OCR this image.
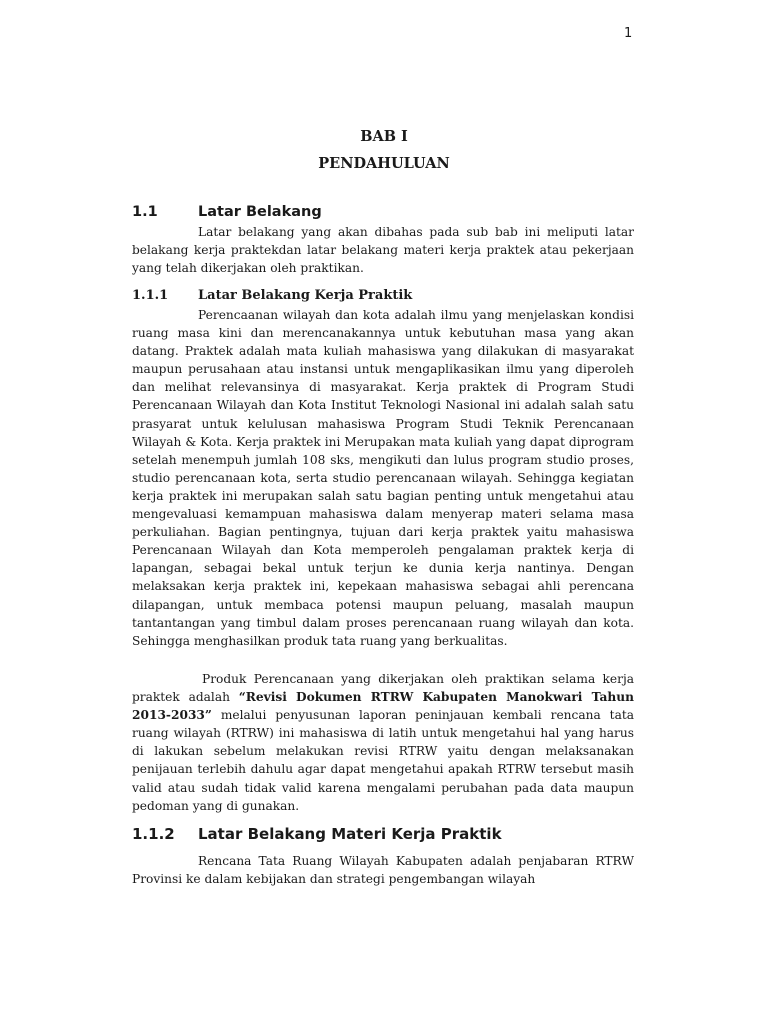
1
BAB I
PENDAHULUAN
1.1	Latar Belakang

Latar belakang yang akan dibahas pada sub bab ini meliputi latar belakang kerja praktekdan latar belakang materi kerja praktek atau pekerjaan yang telah dikerjakan oleh praktikan.

1.1.1 Latar Belakang Kerja Praktik

Perencaanan wilayah dan kota adalah ilmu yang menjelaskan kondisi ruang masa kini dan merencanakannya untuk kebutuhan masa yang akan datang. Praktek adalah mata kuliah mahasiswa yang dilakukan di masyarakat maupun perusahaan atau instansi untuk mengaplikasikan ilmu yang diperoleh dan melihat relevansinya di masyarakat. Kerja praktek di Program Studi Perencanaan Wilayah dan Kota Institut Teknologi Nasional ini adalah salah satu prasyarat untuk kelulusan mahasiswa Program Studi Teknik Perencanaan Wilayah & Kota. Kerja praktek ini Merupakan mata kuliah yang dapat diprogram setelah menempuh jumlah 108 sks, mengikuti dan lulus program studio proses, studio perencanaan kota, serta studio perencanaan wilayah. Sehingga kegiatan kerja praktek ini merupakan salah satu bagian penting untuk mengetahui atau mengevaluasi kemampuan mahasiswa dalam menyerap materi selama masa perkuliahan. Bagian pentingnya, tujuan dari kerja praktek yaitu mahasiswa Perencanaan Wilayah dan Kota memperoleh pengalaman praktek kerja di lapangan, sebagai bekal untuk terjun ke dunia kerja nantinya. Dengan melaksakan kerja praktek ini, kepekaan mahasiswa sebagai ahli perencana dilapangan, untuk membaca potensi maupun peluang, masalah maupun tantantangan yang timbul dalam proses perencanaan ruang wilayah dan kota. Sehingga menghasilkan produk tata ruang yang berkualitas.

Produk Perencanaan yang dikerjakan oleh praktikan selama kerja praktek adalah “Revisi Dokumen RTRW Kabupaten Manokwari Tahun 2013-2033” melalui penyusunan laporan peninjauan kembali rencana tata ruang wilayah (RTRW) ini mahasiswa di latih untuk mengetahui hal yang harus di lakukan sebelum melakukan revisi RTRW yaitu dengan melaksanakan penijauan terlebih dahulu agar dapat mengetahui apakah RTRW tersebut masih valid atau sudah tidak valid karena mengalami perubahan pada data maupun pedoman yang di gunakan.

1.1.2 Latar Belakang Materi Kerja Praktik

Rencana Tata Ruang Wilayah Kabupaten adalah penjabaran RTRW Provinsi ke dalam kebijakan dan strategi pengembangan wilayah
